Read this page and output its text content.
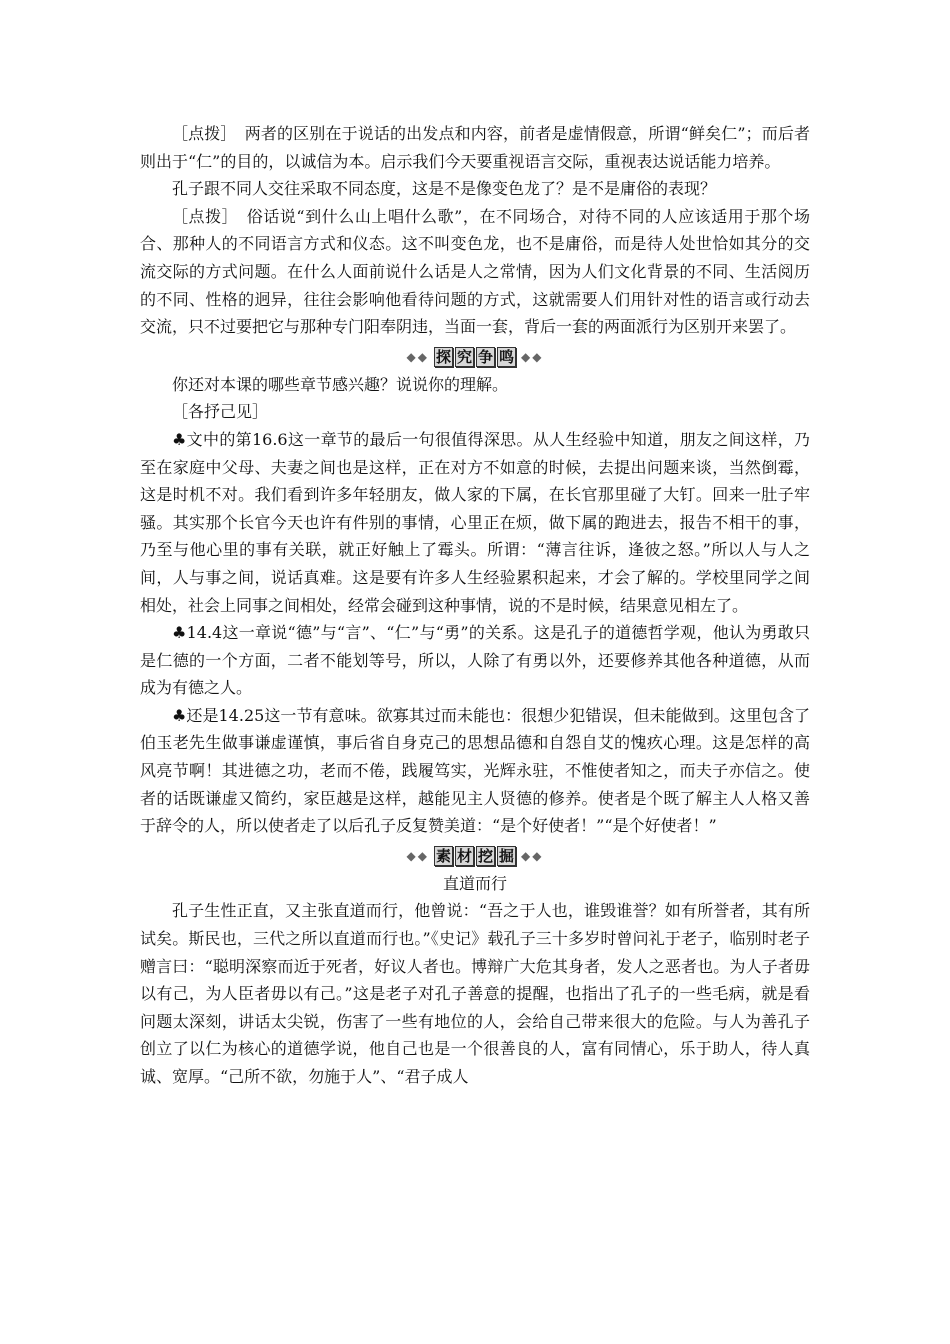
［点拨］　两者的区别在于说话的出发点和内容，前者是虚情假意，所谓“鲜矣仁”；而后者则出于“仁”的目的，以诚信为本。启示我们今天要重视语言交际，重视表达说话能力培养。

孔子跟不同人交往采取不同态度，这是不是像变色龙了？是不是庸俗的表现？

［点拨］　俗话说“到什么山上唱什么歌”，在不同场合，对待不同的人应该适用于那个场合、那种人的不同语言方式和仪态。这不叫变色龙，也不是庸俗，而是待人处世恰如其分的交流交际的方式问题。在什么人面前说什么话是人之常情，因为人们文化背景的不同、生活阅历的不同、性格的迥异，往往会影响他看待问题的方式，这就需要人们用针对性的语言或行动去交流，只不过要把它与那种专门阳奉阴违，当面一套，背后一套的两面派行为区别开来罢了。

◆◆ 探 究 争 鸣 ◆◆

你还对本课的哪些章节感兴趣？说说你的理解。

［各抒己见］

♣ 文中的第16.6这一章节的最后一句很值得深思。从人生经验中知道，朋友之间这样，乃至在家庭中父母、夫妻之间也是这样，正在对方不如意的时候，去提出问题来谈，当然倒霉，这是时机不对。我们看到许多年轻朋友，做人家的下属，在长官那里碰了大钉。回来一肚子牢骚。其实那个长官今天也许有件别的事情，心里正在烦，做下属的跑进去，报告不相干的事，乃至与他心里的事有关联，就正好触上了霉头。所谓：“薄言往诉，逢彼之怒。”所以人与人之间，人与事之间，说话真难。这是要有许多人生经验累积起来，才会了解的。学校里同学之间相处，社会上同事之间相处，经常会碰到这种事情，说的不是时候，结果意见相左了。

♣ 14.4这一章说“德”与“言”、“仁”与“勇”的关系。这是孔子的道德哲学观，他认为勇敢只是仁德的一个方面，二者不能划等号，所以，人除了有勇以外，还要修养其他各种道德，从而成为有德之人。

♣ 还是14.25这一节有意味。欲寡其过而未能也：很想少犯错误，但未能做到。这里包含了伯玉老先生做事谦虚谨慎，事后省自身克己的思想品德和自怨自艾的愧疚心理。这是怎样的高风亮节啊！其进德之功，老而不倦，践履笃实，光辉永驻，不惟使者知之，而夫子亦信之。使者的话既谦虚又简约，家臣越是这样，越能见主人贤德的修养。使者是个既了解主人人格又善于辞令的人，所以使者走了以后孔子反复赞美道：“是个好使者！”“是个好使者！”

◆◆ 素 材 挖 掘 ◆◆

直道而行

孔子生性正直，又主张直道而行，他曾说：“吾之于人也，谁毁谁誉？如有所誉者，其有所试矣。斯民也，三代之所以直道而行也。”《史记》载孔子三十多岁时曾问礼于老子，临别时老子赠言曰：“聪明深察而近于死者，好议人者也。博辩广大危其身者，发人之恶者也。为人子者毋以有己，为人臣者毋以有己。”这是老子对孔子善意的提醒，也指出了孔子的一些毛病，就是看问题太深刻，讲话太尖锐，伤害了一些有地位的人，会给自己带来很大的危险。与人为善孔子创立了以仁为核心的道德学说，他自己也是一个很善良的人，富有同情心，乐于助人，待人真诚、宽厚。“己所不欲，勿施于人”、“君子成人
